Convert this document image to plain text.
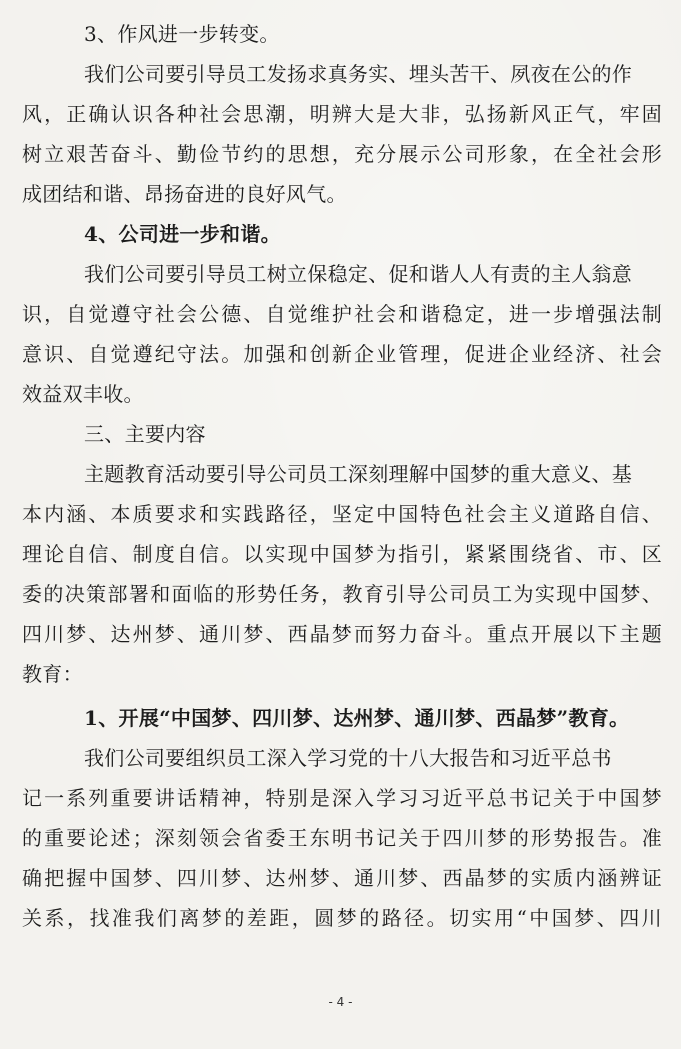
3、作风进一步转变。
我们公司要引导员工发扬求真务实、埋头苦干、夙夜在公的作
风，正确认识各种社会思潮，明辨大是大非，弘扬新风正气，牢固
树立艰苦奋斗、勤俭节约的思想，充分展示公司形象，在全社会形
成团结和谐、昂扬奋进的良好风气。
4、公司进一步和谐。
我们公司要引导员工树立保稳定、促和谐人人有责的主人翁意
识，自觉遵守社会公德、自觉维护社会和谐稳定，进一步增强法制
意识、自觉遵纪守法。加强和创新企业管理，促进企业经济、社会
效益双丰收。
三、主要内容
主题教育活动要引导公司员工深刻理解中国梦的重大意义、基
本内涵、本质要求和实践路径，坚定中国特色社会主义道路自信、
理论自信、制度自信。以实现中国梦为指引，紧紧围绕省、市、区
委的决策部署和面临的形势任务，教育引导公司员工为实现中国梦、
四川梦、达州梦、通川梦、西晶梦而努力奋斗。重点开展以下主题
教育：
1、开展“中国梦、四川梦、达州梦、通川梦、西晶梦”教育。
我们公司要组织员工深入学习党的十八大报告和习近平总书
记一系列重要讲话精神，特别是深入学习习近平总书记关于中国梦
的重要论述；深刻领会省委王东明书记关于四川梦的形势报告。准
确把握中国梦、四川梦、达州梦、通川梦、西晶梦的实质内涵辨证
关系，找准我们离梦的差距，圆梦的路径。切实用“中国梦、四川
- 4 -
